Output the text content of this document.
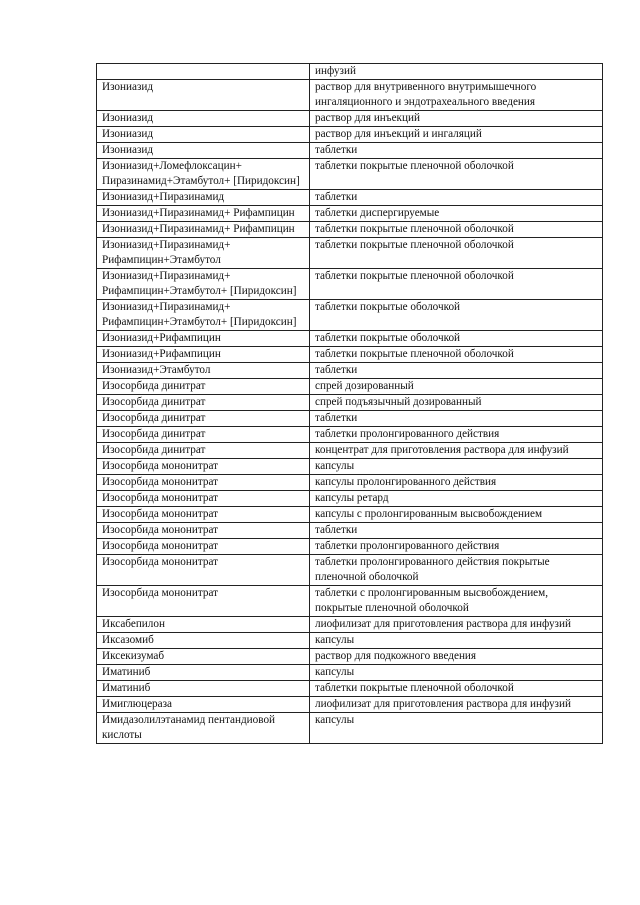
	инфузий
Изониазид	раствор для внутривенного внутримышечного ингаляционного и эндотрахеального введения
Изониазид	раствор для инъекций
Изониазид	раствор для инъекций и ингаляций
Изониазид	таблетки
Изониазид+Ломефлоксацин+ Пиразинамид+Этамбутол+ [Пиридоксин]	таблетки покрытые пленочной оболочкой
Изониазид+Пиразинамид	таблетки
Изониазид+Пиразинамид+ Рифампицин	таблетки диспергируемые
Изониазид+Пиразинамид+ Рифампицин	таблетки покрытые пленочной оболочкой
Изониазид+Пиразинамид+ Рифампицин+Этамбутол	таблетки покрытые пленочной оболочкой
Изониазид+Пиразинамид+ Рифампицин+Этамбутол+ [Пиридоксин]	таблетки покрытые пленочной оболочкой
Изониазид+Пиразинамид+ Рифампицин+Этамбутол+ [Пиридоксин]	таблетки покрытые оболочкой
Изониазид+Рифампицин	таблетки покрытые оболочкой
Изониазид+Рифампицин	таблетки покрытые пленочной оболочкой
Изониазид+Этамбутол	таблетки
Изосорбида динитрат	спрей дозированный
Изосорбида динитрат	спрей подъязычный дозированный
Изосорбида динитрат	таблетки
Изосорбида динитрат	таблетки пролонгированного действия
Изосорбида динитрат	концентрат для приготовления раствора для инфузий
Изосорбида мононитрат	капсулы
Изосорбида мононитрат	капсулы пролонгированного действия
Изосорбида мононитрат	капсулы ретард
Изосорбида мононитрат	капсулы с пролонгированным высвобождением
Изосорбида мононитрат	таблетки
Изосорбида мононитрат	таблетки пролонгированного действия
Изосорбида мононитрат	таблетки пролонгированного действия покрытые пленочной оболочкой
Изосорбида мононитрат	таблетки с пролонгированным высвобождением, покрытые пленочной оболочкой
Иксабепилон	лиофилизат для приготовления раствора для инфузий
Иксазомиб	капсулы
Иксекизумаб	раствор для подкожного введения
Иматиниб	капсулы
Иматиниб	таблетки покрытые пленочной оболочкой
Имиглюцераза	лиофилизат для приготовления раствора для инфузий
Имидазолилэтанамид пентандиовой кислоты	капсулы
